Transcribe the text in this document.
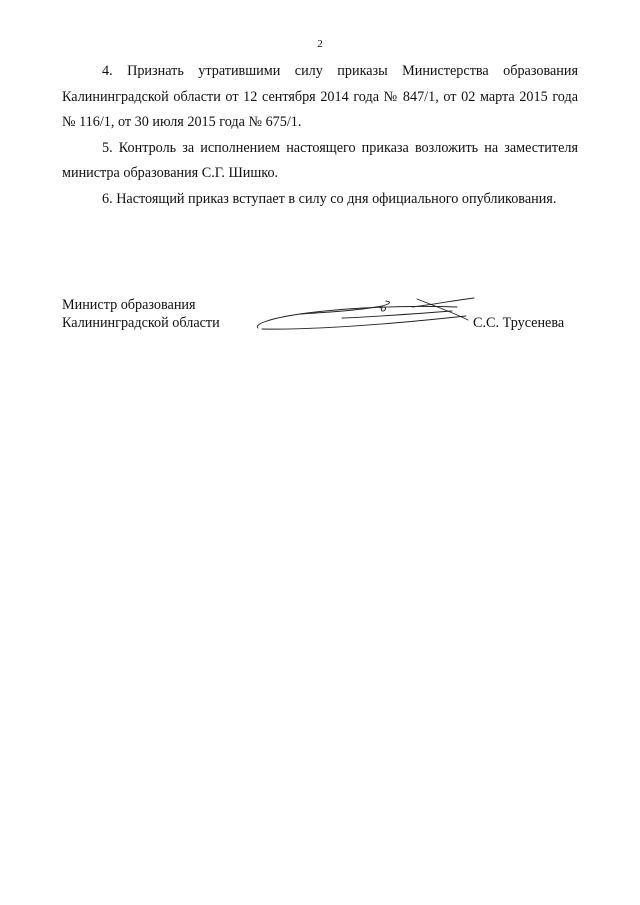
2

4. Признать утратившими силу приказы Министерства образования Калининградской области от 12 сентября 2014 года № 847/1, от 02 марта 2015 года № 116/1, от 30 июля 2015 года № 675/1.

5. Контроль за исполнением настоящего приказа возложить на заместителя министра образования С.Г. Шишко.

6. Настоящий приказ вступает в силу со дня официального опубликования.

Министр образования
Калининградской области	С.С. Трусенева
